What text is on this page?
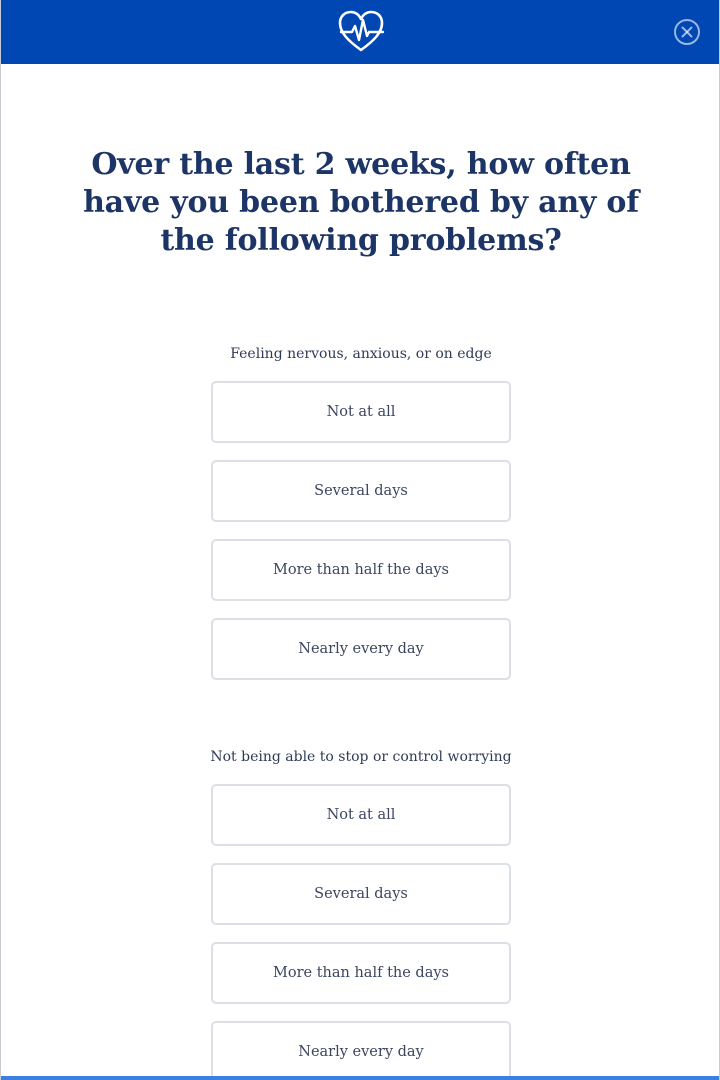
Over the last 2 weeks, how often have you been bothered by any of the following problems?

Feeling nervous, anxious, or on edge

Not at all
Several days
More than half the days
Nearly every day

Not being able to stop or control worrying

Not at all
Several days
More than half the days
Nearly every day
